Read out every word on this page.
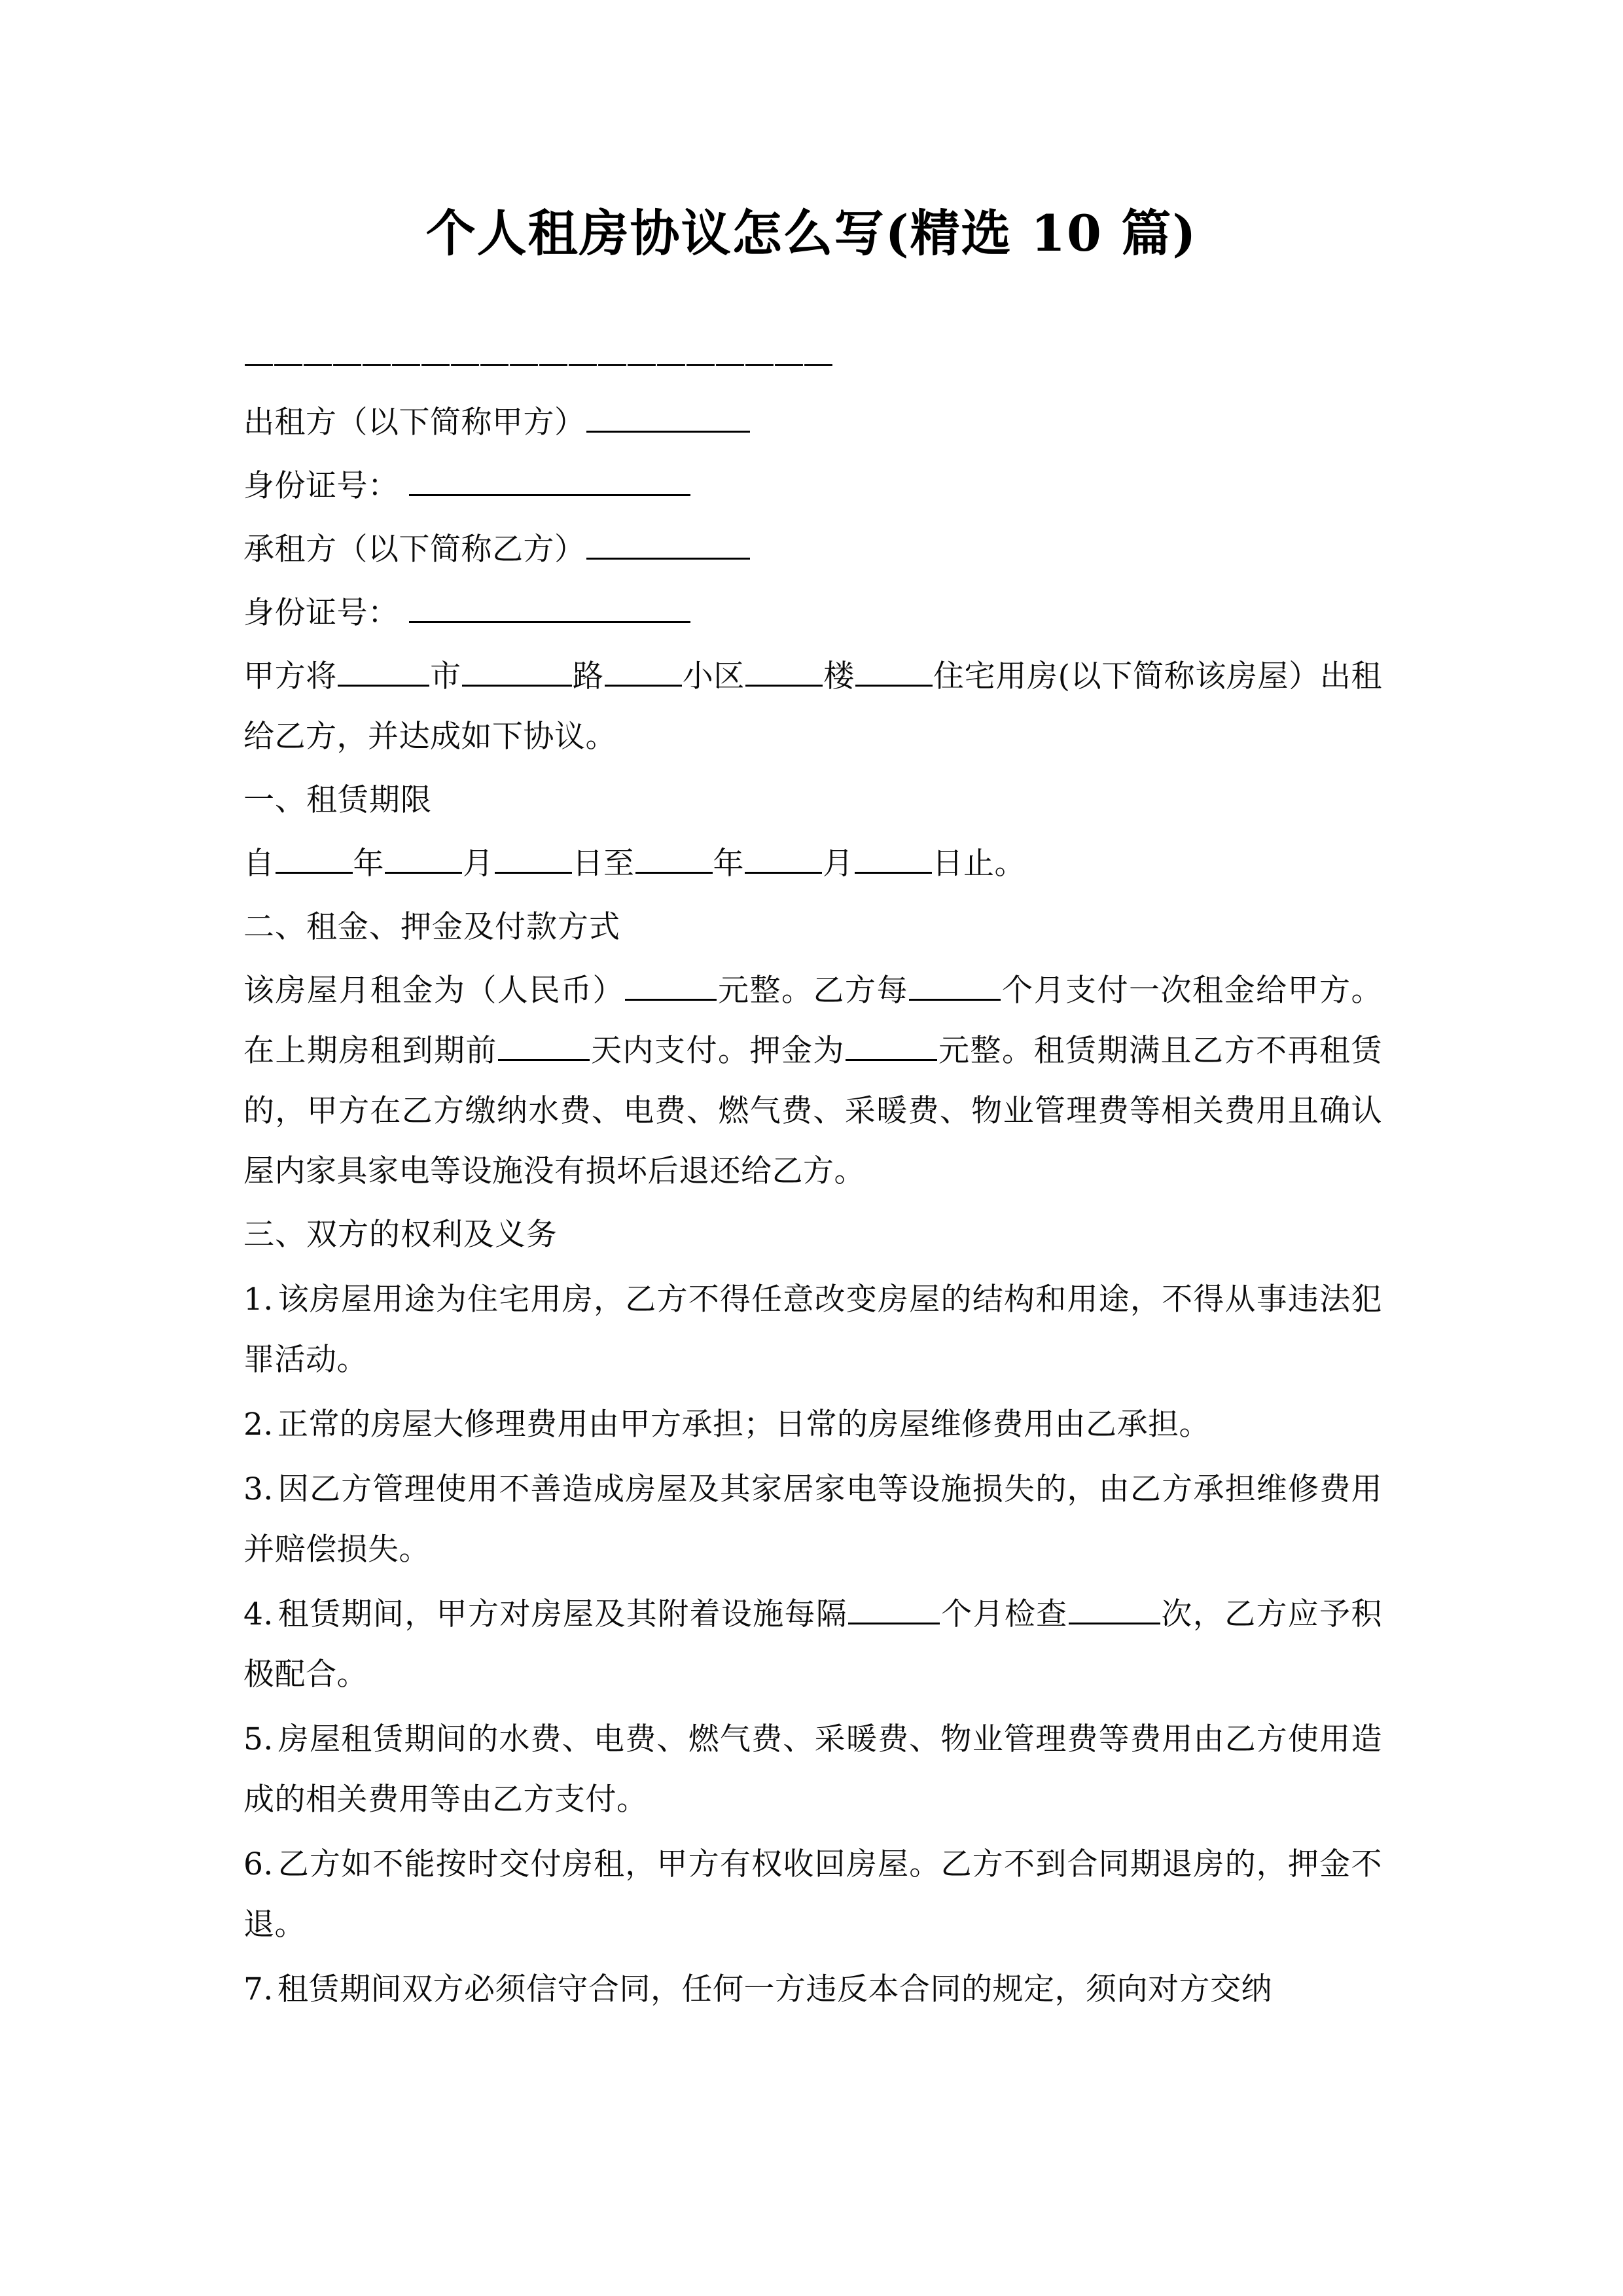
个人租房协议怎么写(精选 10 篇)

————————————————————

出租方（以下简称甲方）

身份证号：

承租方（以下简称乙方）

身份证号：

甲方将	市	路	小区	楼	住宅用房(以下简称该房屋）出租给乙方，并达成如下协议。

一、租赁期限

自	年	月	日至	年	月	日止。

二、租金、押金及付款方式

该房屋月租金为（人民币）	元整。乙方每	个月支付一次租金给甲方。在上期房租到期前	天内支付。押金为	元整。租赁期满且乙方不再租赁的，甲方在乙方缴纳水费、电费、燃气费、采暖费、物业管理费等相关费用且确认屋内家具家电等设施没有损坏后退还给乙方。

三、双方的权利及义务

1. 该房屋用途为住宅用房，乙方不得任意改变房屋的结构和用途，不得从事违法犯罪活动。

2. 正常的房屋大修理费用由甲方承担；日常的房屋维修费用由乙承担。

3. 因乙方管理使用不善造成房屋及其家居家电等设施损失的，由乙方承担维修费用并赔偿损失。

4. 租赁期间，甲方对房屋及其附着设施每隔	个月检查	次，乙方应予积极配合。

5. 房屋租赁期间的水费、电费、燃气费、采暖费、物业管理费等费用由乙方使用造成的相关费用等由乙方支付。

6. 乙方如不能按时交付房租，甲方有权收回房屋。乙方不到合同期退房的，押金不退。

7. 租赁期间双方必须信守合同，任何一方违反本合同的规定，须向对方交纳
